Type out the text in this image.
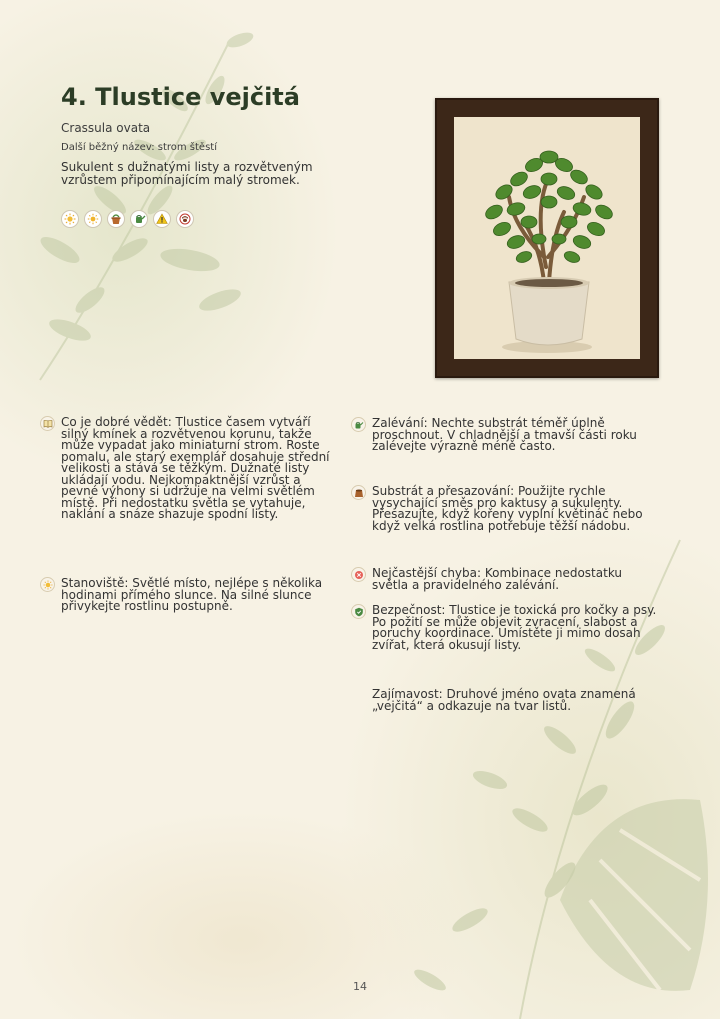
4. Tlustice vejčitá
Crassula ovata
Další běžný název: strom štěstí
Sukulent s dužnatými listy a rozvětveným vzrůstem připomínajícím malý stromek.
Co je dobré vědět: Tlustice časem vytváří silný kmínek a rozvětvenou korunu, takže může vypadat jako miniaturní strom. Roste pomalu, ale starý exemplář dosahuje střední velikosti a stává se těžkým. Dužnaté listy ukládají vodu. Nejkompaktnější vzrůst a pevné výhony si udržuje na velmi světlém místě. Při nedostatku světla se vytahuje, naklání a snáze shazuje spodní listy.
Stanoviště: Světlé místo, nejlépe s několika hodinami přímého slunce. Na silné slunce přivykejte rostlinu postupně.
Zalévání: Nechte substrát téměř úplně proschnout. V chladnější a tmavší části roku zalévejte výrazně méně často.
Substrát a přesazování: Použijte rychle vysychající směs pro kaktusy a sukulenty. Přesazujte, když kořeny vyplní květináč nebo když velká rostlina potřebuje těžší nádobu.
Nejčastější chyba: Kombinace nedostatku světla a pravidelného zalévání.
Bezpečnost: Tlustice je toxická pro kočky a psy. Po požití se může objevit zvracení, slabost a poruchy koordinace. Umístěte ji mimo dosah zvířat, která okusují listy.
Zajímavost: Druhové jméno ovata znamená „vejčitá“ a odkazuje na tvar listů.
14
